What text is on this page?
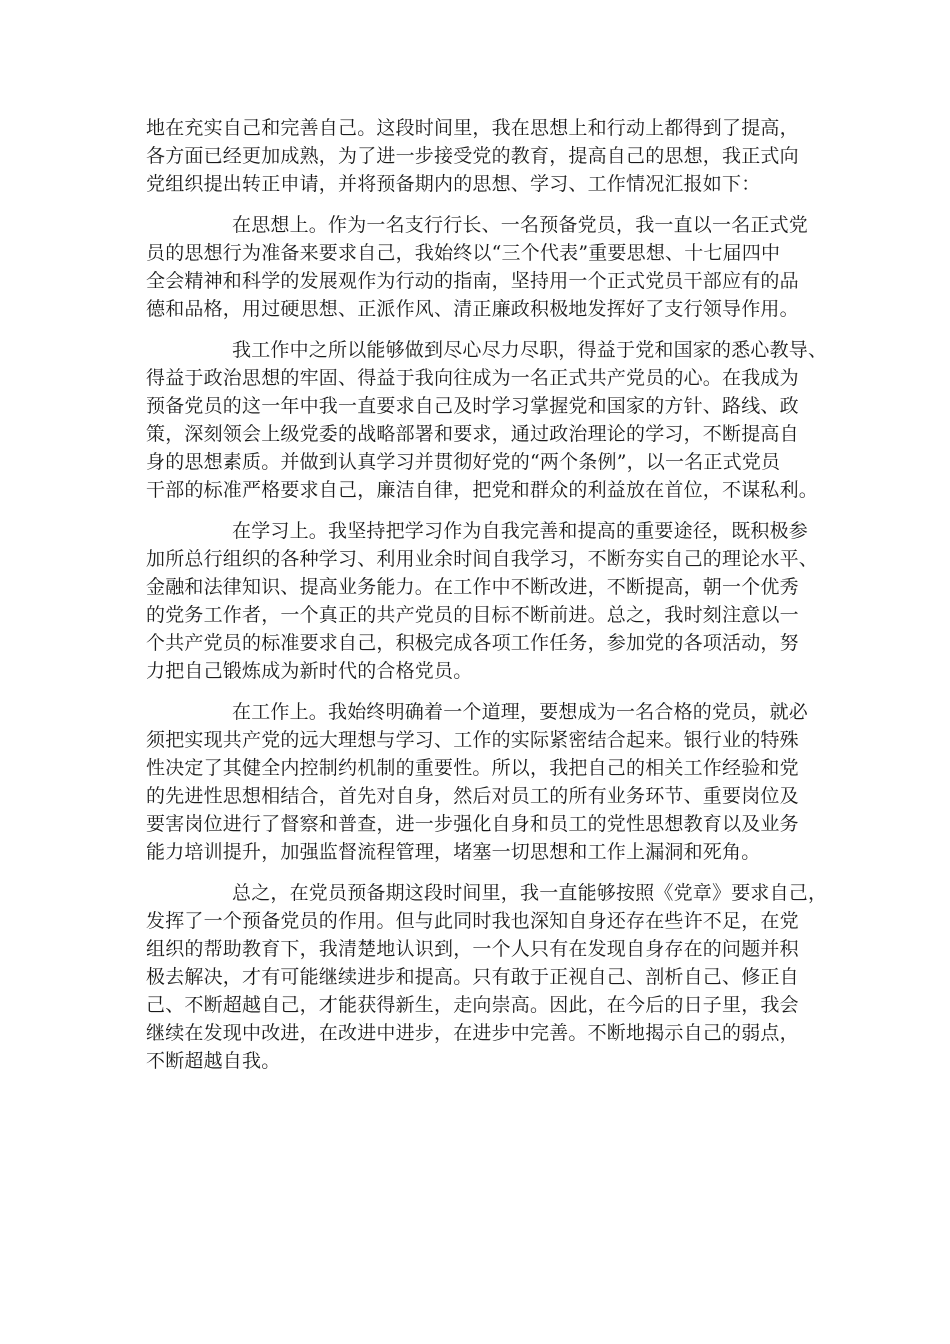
地在充实自己和完善自己。这段时间里，我在思想上和行动上都得到了提高，
各方面已经更加成熟，为了进一步接受党的教育，提高自己的思想，我正式向
党组织提出转正申请，并将预备期内的思想、学习、工作情况汇报如下：
在思想上。作为一名支行行长、一名预备党员，我一直以一名正式党
员的思想行为准备来要求自己，我始终以“三个代表”重要思想、十七届四中
全会精神和科学的发展观作为行动的指南，坚持用一个正式党员干部应有的品
德和品格，用过硬思想、正派作风、清正廉政积极地发挥好了支行领导作用。
我工作中之所以能够做到尽心尽力尽职，得益于党和国家的悉心教导、
得益于政治思想的牢固、得益于我向往成为一名正式共产党员的心。在我成为
预备党员的这一年中我一直要求自己及时学习掌握党和国家的方针、路线、政
策，深刻领会上级党委的战略部署和要求，通过政治理论的学习，不断提高自
身的思想素质。并做到认真学习并贯彻好党的“两个条例”，以一名正式党员
干部的标准严格要求自己，廉洁自律，把党和群众的利益放在首位，不谋私利。
在学习上。我坚持把学习作为自我完善和提高的重要途径，既积极参
加所总行组织的各种学习、利用业余时间自我学习，不断夯实自己的理论水平、
金融和法律知识、提高业务能力。在工作中不断改进，不断提高，朝一个优秀
的党务工作者，一个真正的共产党员的目标不断前进。总之，我时刻注意以一
个共产党员的标准要求自己，积极完成各项工作任务，参加党的各项活动，努
力把自己锻炼成为新时代的合格党员。
在工作上。我始终明确着一个道理，要想成为一名合格的党员，就必
须把实现共产党的远大理想与学习、工作的实际紧密结合起来。银行业的特殊
性决定了其健全内控制约机制的重要性。所以，我把自己的相关工作经验和党
的先进性思想相结合，首先对自身，然后对员工的所有业务环节、重要岗位及
要害岗位进行了督察和普查，进一步强化自身和员工的党性思想教育以及业务
能力培训提升，加强监督流程管理，堵塞一切思想和工作上漏洞和死角。
总之，在党员预备期这段时间里，我一直能够按照《党章》要求自己，
发挥了一个预备党员的作用。但与此同时我也深知自身还存在些许不足，在党
组织的帮助教育下，我清楚地认识到，一个人只有在发现自身存在的问题并积
极去解决，才有可能继续进步和提高。只有敢于正视自己、剖析自己、修正自
己、不断超越自己，才能获得新生，走向崇高。因此，在今后的日子里，我会
继续在发现中改进，在改进中进步，在进步中完善。不断地揭示自己的弱点，
不断超越自我。
